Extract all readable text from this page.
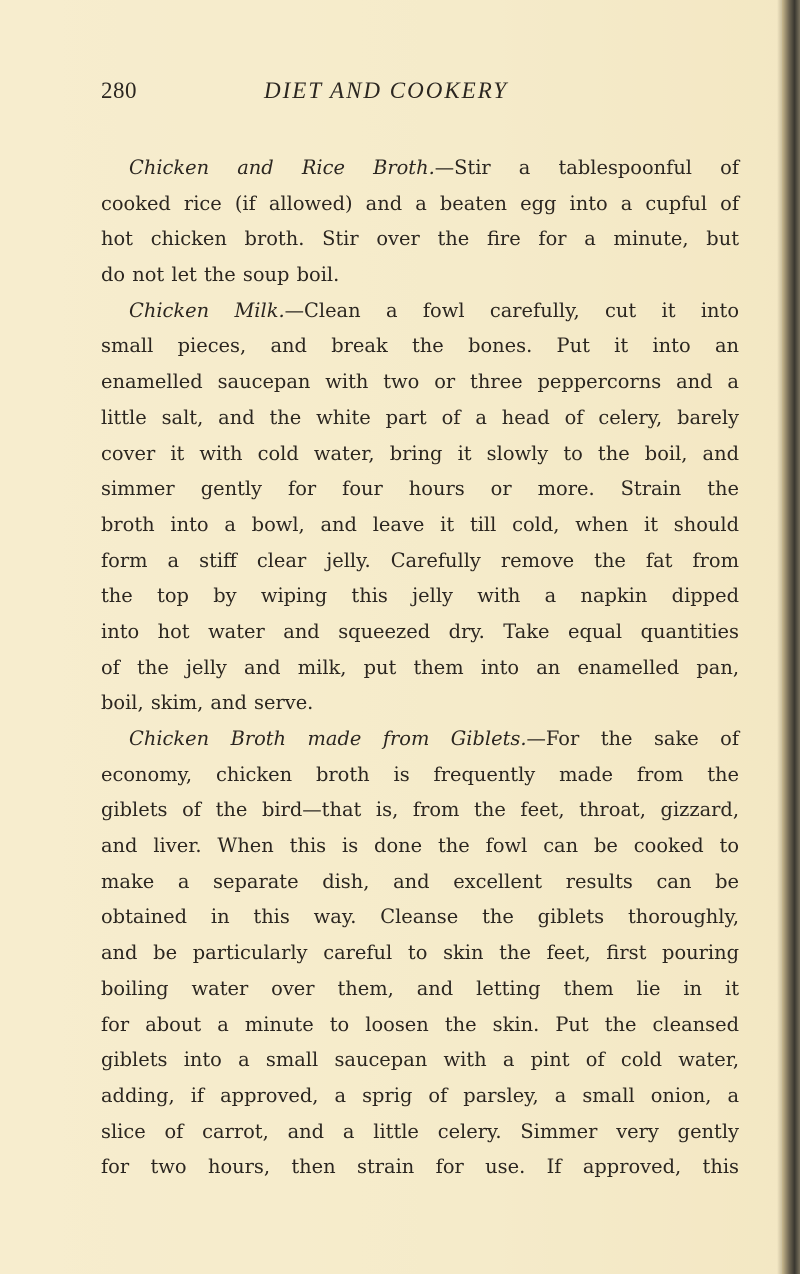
280	DIET AND COOKERY
Chicken and Rice Broth.—Stir a tablespoonful of
cooked rice (if allowed) and a beaten egg into a cupful of
hot chicken broth. Stir over the fire for a minute, but
do not let the soup boil.
Chicken Milk.—Clean a fowl carefully, cut it into
small pieces, and break the bones. Put it into an
enamelled saucepan with two or three peppercorns and a
little salt, and the white part of a head of celery, barely
cover it with cold water, bring it slowly to the boil, and
simmer gently for four hours or more. Strain the
broth into a bowl, and leave it till cold, when it should
form a stiff clear jelly. Carefully remove the fat from
the top by wiping this jelly with a napkin dipped
into hot water and squeezed dry. Take equal quantities
of the jelly and milk, put them into an enamelled pan,
boil, skim, and serve.
Chicken Broth made from Giblets.—For the sake of
economy, chicken broth is frequently made from the
giblets of the bird—that is, from the feet, throat, gizzard,
and liver. When this is done the fowl can be cooked to
make a separate dish, and excellent results can be
obtained in this way. Cleanse the giblets thoroughly,
and be particularly careful to skin the feet, first pouring
boiling water over them, and letting them lie in it
for about a minute to loosen the skin. Put the cleansed
giblets into a small saucepan with a pint of cold water,
adding, if approved, a sprig of parsley, a small onion, a
slice of carrot, and a little celery. Simmer very gently
for two hours, then strain for use. If approved, this
